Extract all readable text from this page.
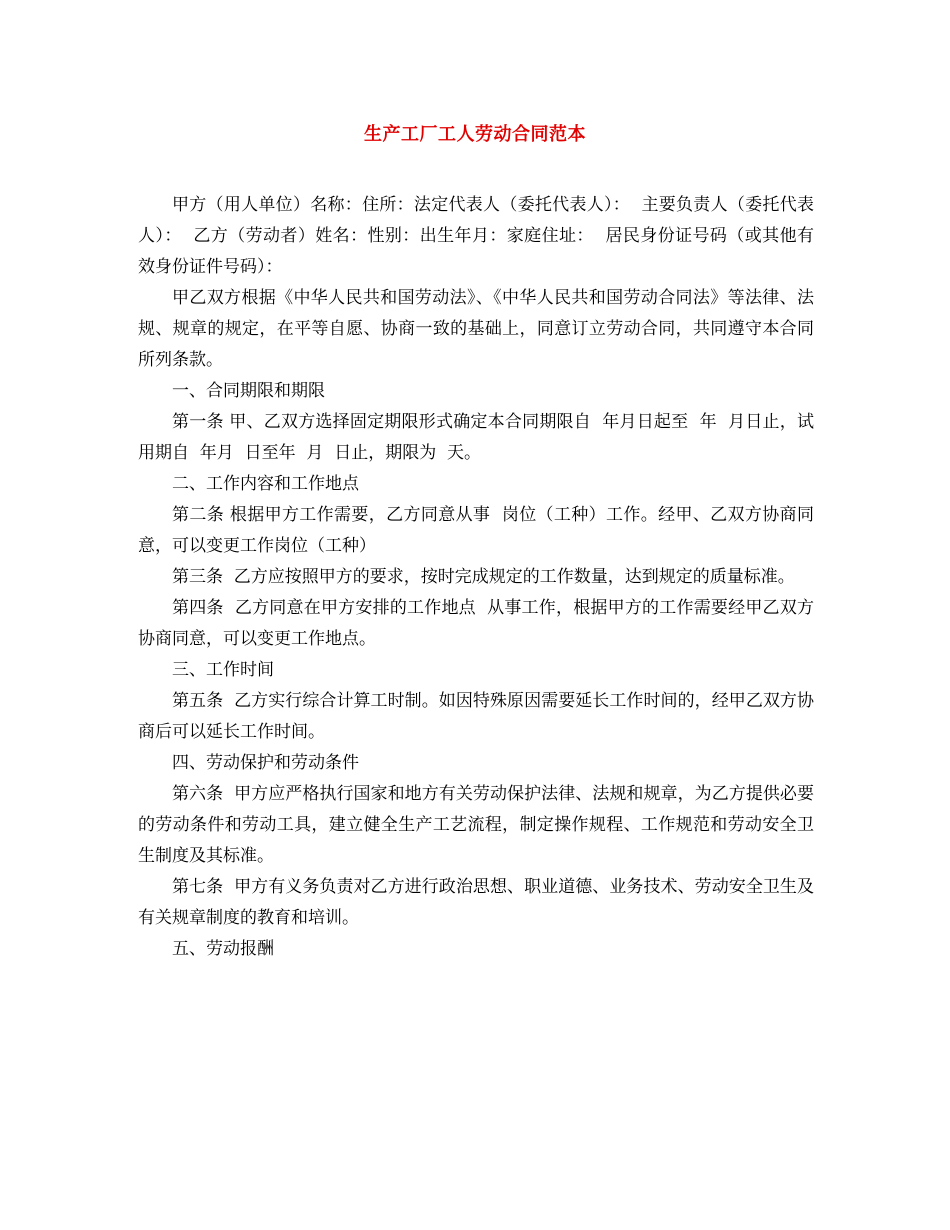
生产工厂工人劳动合同范本

甲方（用人单位）名称：住所：法定代表人（委托代表人）：  主要负责人（委托代表人）：  乙方（劳动者）姓名：性别：出生年月：家庭住址：  居民身份证号码（或其他有效身份证件号码）：

甲乙双方根据《中华人民共和国劳动法》、《中华人民共和国劳动合同法》等法律、法规、规章的规定，在平等自愿、协商一致的基础上，同意订立劳动合同，共同遵守本合同所列条款。

一、合同期限和期限

第一条 甲、乙双方选择固定期限形式确定本合同期限自  年月日起至  年  月日止，试用期自  年月  日至年  月  日止，期限为  天。

二、工作内容和工作地点

第二条 根据甲方工作需要，乙方同意从事  岗位（工种）工作。经甲、乙双方协商同意，可以变更工作岗位（工种）

第三条  乙方应按照甲方的要求，按时完成规定的工作数量，达到规定的质量标准。

第四条  乙方同意在甲方安排的工作地点  从事工作，根据甲方的工作需要经甲乙双方协商同意，可以变更工作地点。

三、工作时间

第五条  乙方实行综合计算工时制。如因特殊原因需要延长工作时间的，经甲乙双方协商后可以延长工作时间。

四、劳动保护和劳动条件

第六条  甲方应严格执行国家和地方有关劳动保护法律、法规和规章，为乙方提供必要的劳动条件和劳动工具，建立健全生产工艺流程，制定操作规程、工作规范和劳动安全卫生制度及其标准。

第七条  甲方有义务负责对乙方进行政治思想、职业道德、业务技术、劳动安全卫生及有关规章制度的教育和培训。

五、劳动报酬
